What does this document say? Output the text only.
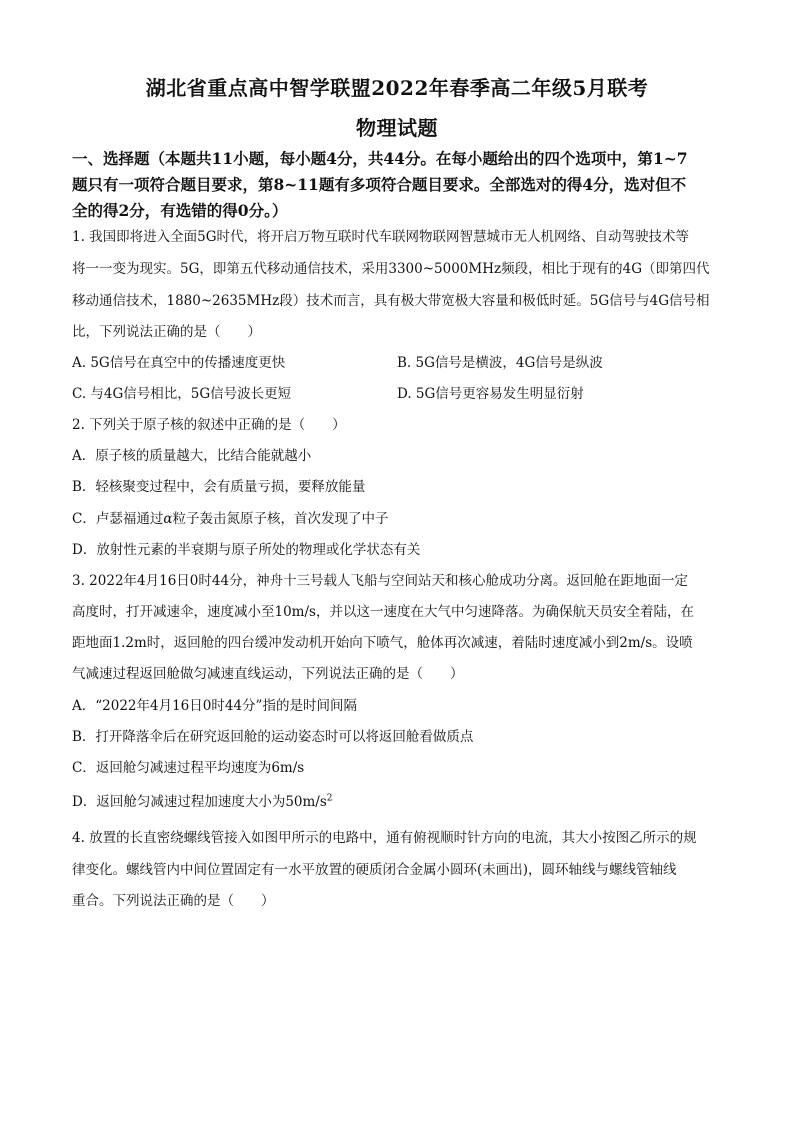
湖北省重点高中智学联盟2022年春季高二年级5月联考
物理试题
一、选择题（本题共11小题，每小题4分，共44分。在每小题给出的四个选项中，第1~7
题只有一项符合题目要求，第8~11题有多项符合题目要求。全部选对的得4分，选对但不
全的得2分，有选错的得0分。）
1. 我国即将进入全面5G时代，将开启万物互联时代车联网物联网智慧城市无人机网络、自动驾驶技术等
将一一变为现实。5G，即第五代移动通信技术，采用3300~5000MHz频段，相比于现有的4G（即第四代
移动通信技术，1880~2635MHz段）技术而言，具有极大带宽极大容量和极低时延。5G信号与4G信号相
比，下列说法正确的是（　　）
A. 5G信号在真空中的传播速度更快	B. 5G信号是横波，4G信号是纵波
C. 与4G信号相比，5G信号波长更短	D. 5G信号更容易发生明显衍射
2. 下列关于原子核的叙述中正确的是（　　）
A．原子核的质量越大，比结合能就越小
B．轻核聚变过程中，会有质量亏损，要释放能量
C．卢瑟福通过α粒子轰击氮原子核，首次发现了中子
D．放射性元素的半衰期与原子所处的物理或化学状态有关
3. 2022年4月16日0时44分，神舟十三号载人飞船与空间站天和核心舱成功分离。返回舱在距地面一定
高度时，打开减速伞，速度减小至10m/s，并以这一速度在大气中匀速降落。为确保航天员安全着陆，在
距地面1.2m时，返回舱的四台缓冲发动机开始向下喷气，舱体再次减速，着陆时速度减小到2m/s。设喷
气减速过程返回舱做匀减速直线运动，下列说法正确的是（　　）
A．“2022年4月16日0时44分”指的是时间间隔
B．打开降落伞后在研究返回舱的运动姿态时可以将返回舱看做质点
C．返回舱匀减速过程平均速度为6m/s
D．返回舱匀减速过程加速度大小为$50m/s^2$
4. 放置的长直密绕螺线管接入如图甲所示的电路中，通有俯视顺时针方向的电流，其大小按图乙所示的规
律变化。螺线管内中间位置固定有一水平放置的硬质闭合金属小圆环(未画出)，圆环轴线与螺线管轴线
重合。下列说法正确的是（　　）
